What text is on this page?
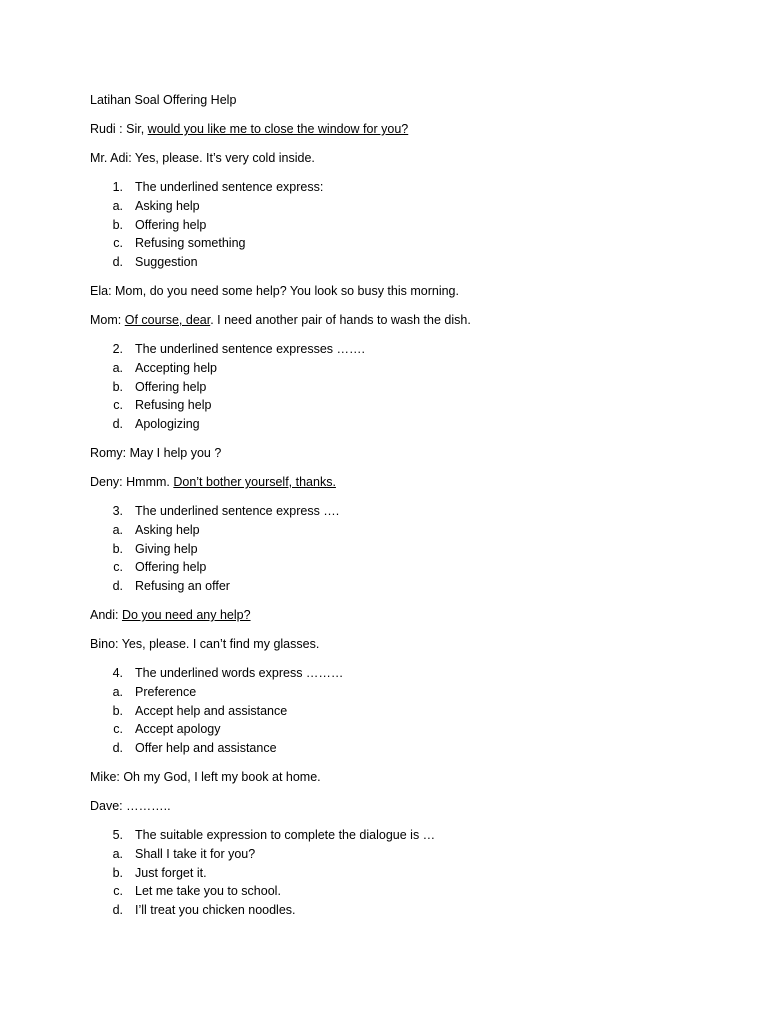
Latihan Soal Offering Help
Rudi : Sir, would you like me to close the window for you?
Mr. Adi: Yes, please. It’s very cold inside.
1. The underlined sentence express:
a. Asking help
b. Offering help
c. Refusing something
d. Suggestion
Ela: Mom, do you need some help? You look so busy this morning.
Mom: Of course, dear. I need another pair of hands to wash the dish.
2. The underlined sentence expresses …….
a. Accepting help
b. Offering help
c. Refusing help
d. Apologizing
Romy: May I help you ?
Deny: Hmmm. Don’t bother yourself, thanks.
3. The underlined sentence express ….
a. Asking help
b. Giving help
c. Offering help
d. Refusing an offer
Andi: Do you need any help?
Bino: Yes, please. I can’t find my glasses.
4. The underlined words express ………
a. Preference
b. Accept help and assistance
c. Accept apology
d. Offer help and assistance
Mike: Oh my God, I left my book at home.
Dave: ………..
5. The suitable expression to complete the dialogue is …
a. Shall I take it for you?
b. Just forget it.
c. Let me take you to school.
d. I’ll treat you chicken noodles.
